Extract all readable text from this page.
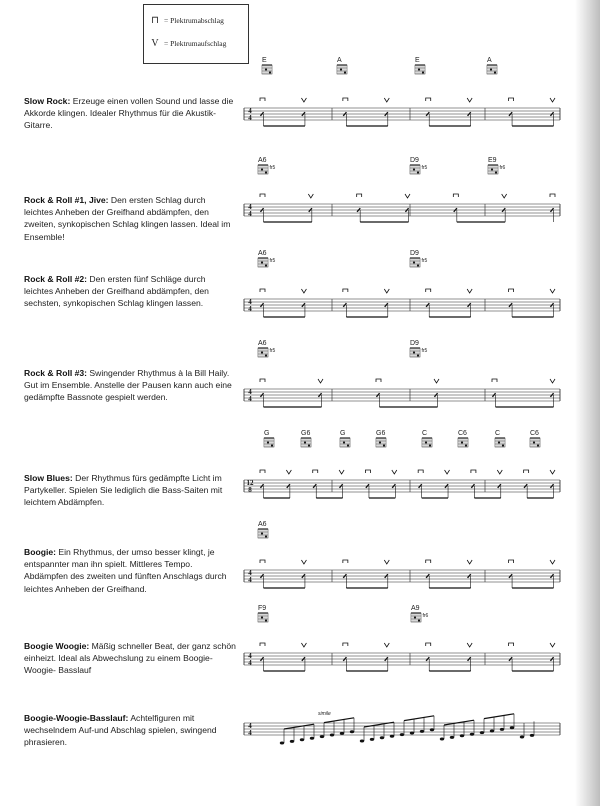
⊓ = Plektrumabschlag
V = Plektrumaufschlag
Slow Rock: Erzeuge einen vollen Sound und lasse die Akkorde klingen. Idealer Rhythmus für die Akustik-Gitarre.
Rock & Roll #1, Jive: Den ersten Schlag durch leichtes Anheben der Greifhand abdämpfen, den zweiten, synkopischen Schlag klingen lassen. Ideal im Ensemble!
Rock & Roll #2: Den ersten fünf Schläge durch leichtes Anheben der Greifhand abdämpfen, den sechsten, synkopischen Schlag klingen lassen.
Rock & Roll #3: Swingender Rhythmus à la Bill Haily. Gut im Ensemble. Anstelle der Pausen kann auch eine gedämpfte Bassnote gespielt werden.
Slow Blues: Der Rhythmus fürs gedämpfte Licht im Partykeller. Spielen Sie lediglich die Bass-Saiten mit leichtem Abdämpfen.
Boogie: Ein Rhythmus, der umso besser klingt, je entspannter man ihn spielt. Mittleres Tempo. Abdämpfen des zweiten und fünften Anschlags durch leichtes Anheben der Greifhand.
Boogie Woogie: Mäßig schneller Beat, der ganz schön einheizt. Ideal als Abwechslung zu einem Boogie- Woogie- Basslauf
Boogie-Woogie-Basslauf: Achtelfiguren mit wechselndem Auf-und Abschlag spielen, swingend phrasieren.
4
4
E	A	E	A
4
4
A6
fr5
D9
fr5
E9
fr6
4
4
A6
fr5
D9
fr5
4
4
A6
fr5
D9
fr5
12
8
G	G6	G	G6	C	C6	C	C6
4
4
A6
4
4
F9	A9
fr6
4
4
simile
